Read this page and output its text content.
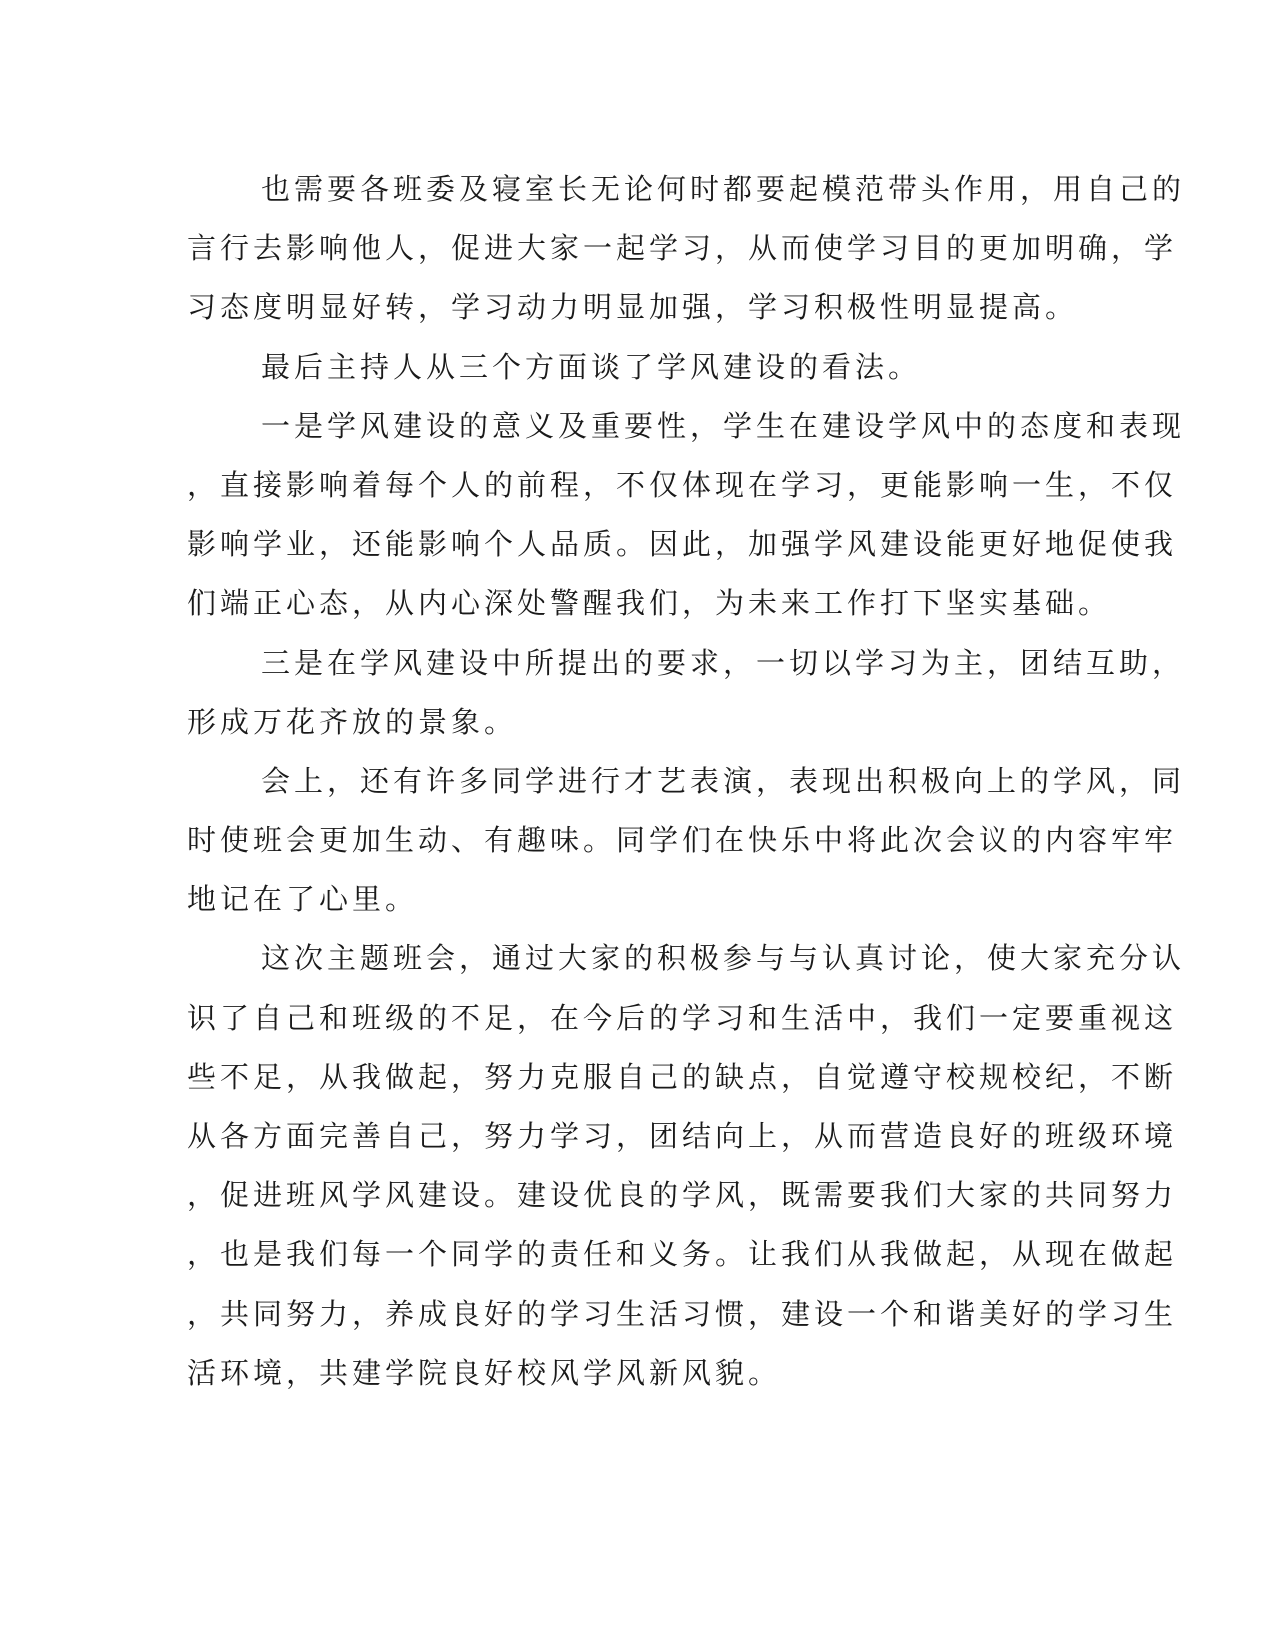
也需要各班委及寝室长无论何时都要起模范带头作用，用自己的
言行去影响他人，促进大家一起学习，从而使学习目的更加明确，学
习态度明显好转，学习动力明显加强，学习积极性明显提高。
最后主持人从三个方面谈了学风建设的看法。
一是学风建设的意义及重要性，学生在建设学风中的态度和表现
，直接影响着每个人的前程，不仅体现在学习，更能影响一生，不仅
影响学业，还能影响个人品质。因此，加强学风建设能更好地促使我
们端正心态，从内心深处警醒我们，为未来工作打下坚实基础。
三是在学风建设中所提出的要求，一切以学习为主，团结互助，
形成万花齐放的景象。
会上，还有许多同学进行才艺表演，表现出积极向上的学风，同
时使班会更加生动、有趣味。同学们在快乐中将此次会议的内容牢牢
地记在了心里。
这次主题班会，通过大家的积极参与与认真讨论，使大家充分认
识了自己和班级的不足，在今后的学习和生活中，我们一定要重视这
些不足，从我做起，努力克服自己的缺点，自觉遵守校规校纪，不断
从各方面完善自己，努力学习，团结向上，从而营造良好的班级环境
，促进班风学风建设。建设优良的学风，既需要我们大家的共同努力
，也是我们每一个同学的责任和义务。让我们从我做起，从现在做起
，共同努力，养成良好的学习生活习惯，建设一个和谐美好的学习生
活环境，共建学院良好校风学风新风貌。
